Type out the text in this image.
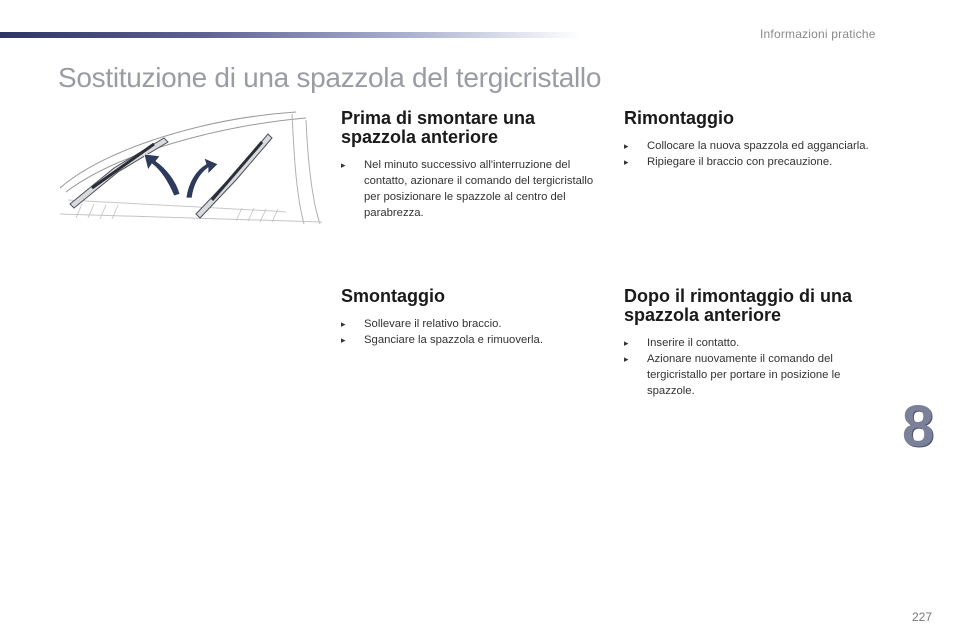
Informazioni pratiche
Sostituzione di una spazzola del tergicristallo
Prima di smontare una spazzola anteriore
▸ Nel minuto successivo all'interruzione del contatto, azionare il comando del tergicristallo per posizionare le spazzole al centro del parabrezza.
Smontaggio
▸ Sollevare il relativo braccio.
▸ Sganciare la spazzola e rimuoverla.
Rimontaggio
▸ Collocare la nuova spazzola ed agganciarla.
▸ Ripiegare il braccio con precauzione.
Dopo il rimontaggio di una spazzola anteriore
▸ Inserire il contatto.
▸ Azionare nuovamente il comando del tergicristallo per portare in posizione le spazzole.
8
227
